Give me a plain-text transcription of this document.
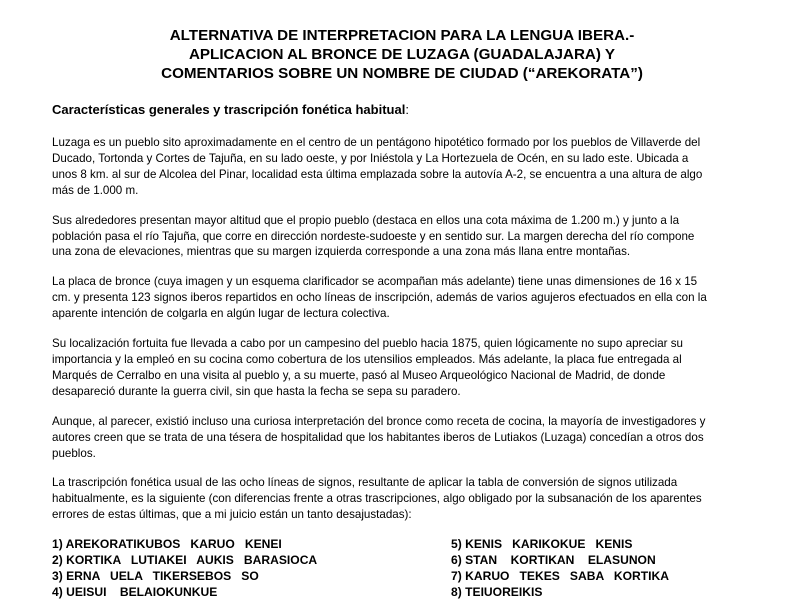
ALTERNATIVA DE INTERPRETACION PARA LA LENGUA IBERA.-
APLICACION AL BRONCE DE LUZAGA (GUADALAJARA) Y
COMENTARIOS SOBRE UN NOMBRE DE CIUDAD (“AREKORATA”)
Características generales y trascripción fonética habitual:
Luzaga es un pueblo sito aproximadamente en el centro de un pentágono hipotético formado por los pueblos de Villaverde del
Ducado, Tortonda y Cortes de Tajuña, en su lado oeste, y por Iniéstola y La Hortezuela de Océn, en su lado este. Ubicada a
unos 8 km. al sur de Alcolea del Pinar, localidad esta última emplazada sobre la autovía A-2, se encuentra a una altura de algo
más de 1.000 m.
Sus alrededores presentan mayor altitud que el propio pueblo (destaca en ellos una cota máxima de 1.200 m.) y junto a la
población pasa el río Tajuña, que corre en dirección nordeste-sudoeste y en sentido sur. La margen derecha del río compone
una zona de elevaciones, mientras que su margen izquierda corresponde a una zona más llana entre montañas.
La placa de bronce (cuya imagen y un esquema clarificador se acompañan más adelante) tiene unas dimensiones de 16 x 15
cm. y presenta 123 signos iberos repartidos en ocho líneas de inscripción, además de varios agujeros efectuados en ella con la
aparente intención de colgarla en algún lugar de lectura colectiva.
Su localización fortuita fue llevada a cabo por un campesino del pueblo hacia 1875, quien lógicamente no supo apreciar su
importancia y la empleó en su cocina como cobertura de los utensilios empleados. Más adelante, la placa fue entregada al
Marqués de Cerralbo en una visita al pueblo y, a su muerte, pasó al Museo Arqueológico Nacional de Madrid, de donde
desapareció durante la guerra civil, sin que hasta la fecha se sepa su paradero.
Aunque, al parecer, existió incluso una curiosa interpretación del bronce como receta de cocina, la mayoría de investigadores y
autores creen que se trata de una tésera de hospitalidad que los habitantes iberos de Lutiakos (Luzaga) concedían a otros dos
pueblos.
La trascripción fonética usual de las ocho líneas de signos, resultante de aplicar la tabla de conversión de signos utilizada
habitualmente, es la siguiente (con diferencias frente a otras trascripciones, algo obligado por la subsanación de los aparentes
errores de estas últimas, que a mi juicio están un tanto desajustadas):
1) AREKORATIKUBOS   KARUO   KENEI
2) KORTIKA   LUTIAKEI   AUKIS   BARASIOCA
3) ERNA   UELA   TIKERSEBOS   SO
4) UEISUI    BELAIOKUNKUE
5) KENIS   KARIKOKUE   KENIS
6) STAN    KORTIKAN    ELASUNON
7) KARUO   TEKES   SABA   KORTIKA
8) TEIUOREIKIS
